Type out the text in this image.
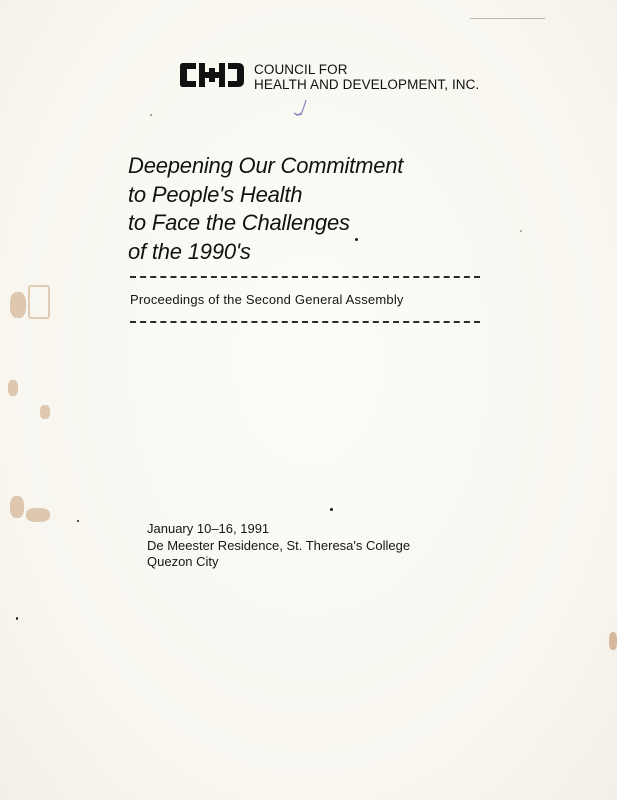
COUNCIL FOR
HEALTH AND DEVELOPMENT, INC.
Deepening Our Commitment
to People's Health
to Face the Challenges
of the 1990's
Proceedings of the Second General Assembly
January 10–16, 1991
De Meester Residence, St. Theresa's College
Quezon City
